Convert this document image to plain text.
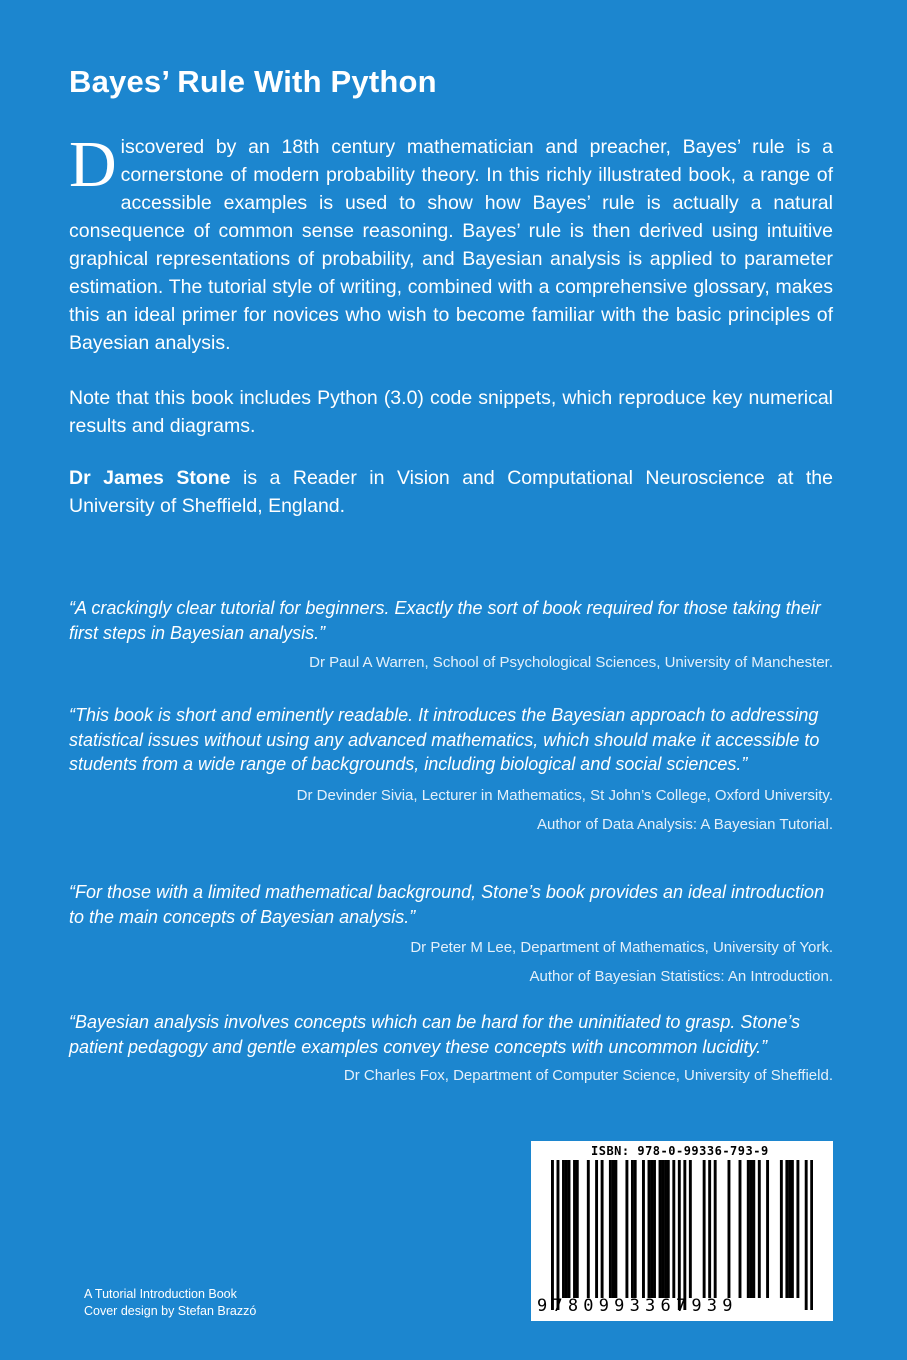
Bayes’ Rule With Python

Discovered by an 18th century mathematician and preacher, Bayes’ rule is a cornerstone of modern probability theory. In this richly illustrated book, a range of accessible examples is used to show how Bayes’ rule is actually a natural consequence of common sense reasoning. Bayes’ rule is then derived using intuitive graphical representations of probability, and Bayesian analysis is applied to parameter estimation. The tutorial style of writing, combined with a comprehensive glossary, makes this an ideal primer for novices who wish to become familiar with the basic principles of Bayesian analysis.

Note that this book includes Python (3.0) code snippets, which reproduce key numerical results and diagrams.

Dr James Stone is a Reader in Vision and Computational Neuroscience at the University of Sheffield, England.

“A crackingly clear tutorial for beginners. Exactly the sort of book required for those taking their first steps in Bayesian analysis.”

Dr Paul A Warren, School of Psychological Sciences, University of Manchester.

“This book is short and eminently readable. It introduces the Bayesian approach to addressing statistical issues without using any advanced mathematics, which should make it accessible to students from a wide range of backgrounds, including biological and social sciences.”

Dr Devinder Sivia, Lecturer in Mathematics, St John’s College, Oxford University.

Author of Data Analysis: A Bayesian Tutorial.

“For those with a limited mathematical background, Stone’s book provides an ideal introduction to the main concepts of Bayesian analysis.”

Dr Peter M Lee, Department of Mathematics, University of York.

Author of Bayesian Statistics: An Introduction.

“Bayesian analysis involves concepts which can be hard for the uninitiated to grasp. Stone’s patient pedagogy and gentle examples convey these concepts with uncommon lucidity.”

Dr Charles Fox, Department of Computer Science, University of Sheffield.

A Tutorial Introduction Book
Cover design by Stefan Brazzó
ISBN: 978-0-99336-793-9
9780993367939
